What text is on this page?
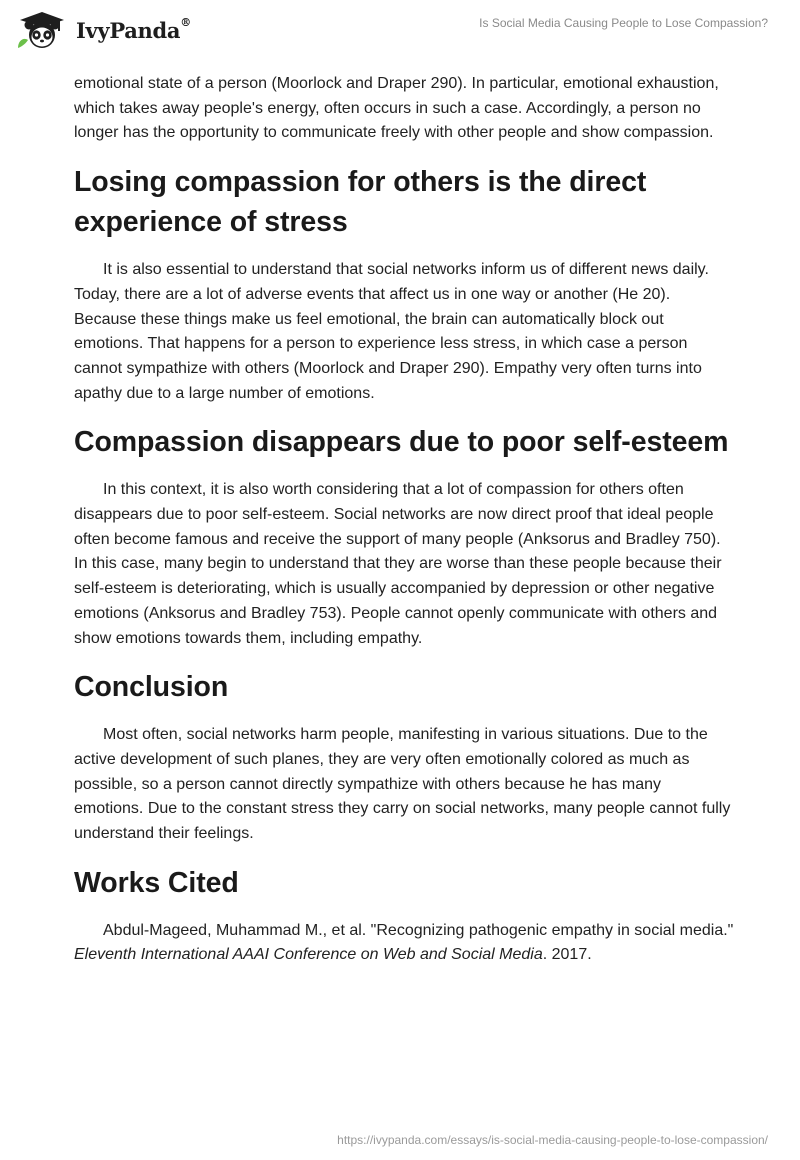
IvyPanda®	Is Social Media Causing People to Lose Compassion?

emotional state of a person (Moorlock and Draper 290). In particular, emotional exhaustion, which takes away people's energy, often occurs in such a case. Accordingly, a person no longer has the opportunity to communicate freely with other people and show compassion.

Losing compassion for others is the direct experience of stress

It is also essential to understand that social networks inform us of different news daily. Today, there are a lot of adverse events that affect us in one way or another (He 20). Because these things make us feel emotional, the brain can automatically block out emotions. That happens for a person to experience less stress, in which case a person cannot sympathize with others (Moorlock and Draper 290). Empathy very often turns into apathy due to a large number of emotions.

Compassion disappears due to poor self-esteem

In this context, it is also worth considering that a lot of compassion for others often disappears due to poor self-esteem. Social networks are now direct proof that ideal people often become famous and receive the support of many people (Anksorus and Bradley 750). In this case, many begin to understand that they are worse than these people because their self-esteem is deteriorating, which is usually accompanied by depression or other negative emotions (Anksorus and Bradley 753). People cannot openly communicate with others and show emotions towards them, including empathy.

Conclusion

Most often, social networks harm people, manifesting in various situations. Due to the active development of such planes, they are very often emotionally colored as much as possible, so a person cannot directly sympathize with others because he has many emotions. Due to the constant stress they carry on social networks, many people cannot fully understand their feelings.

Works Cited

Abdul-Mageed, Muhammad M., et al. "Recognizing pathogenic empathy in social media." Eleventh International AAAI Conference on Web and Social Media. 2017.

https://ivypanda.com/essays/is-social-media-causing-people-to-lose-compassion/
